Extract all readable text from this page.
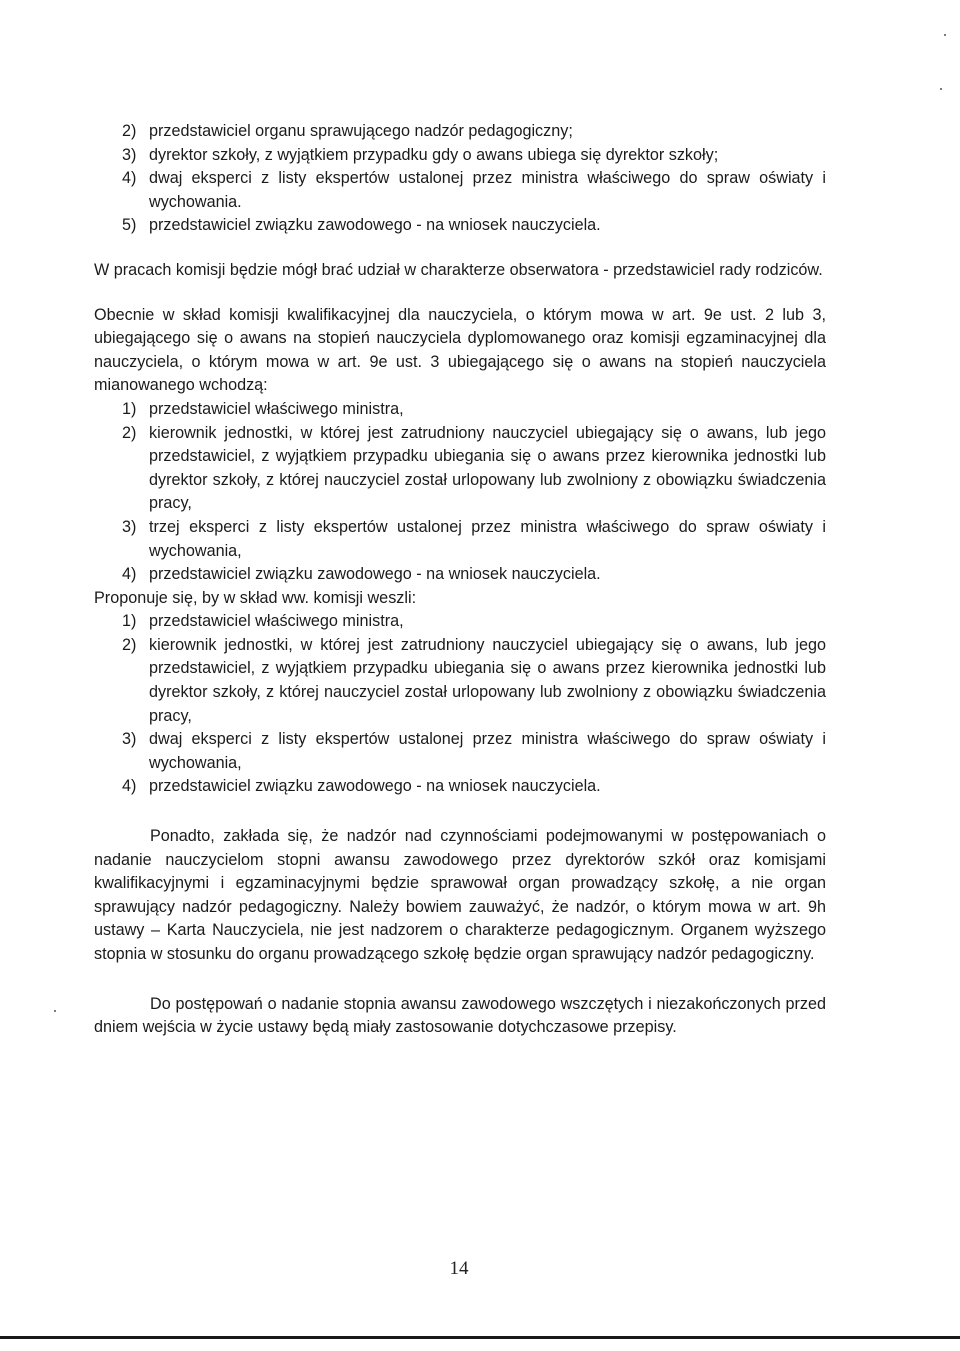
2) przedstawiciel organu sprawującego nadzór pedagogiczny;
3) dyrektor szkoły, z wyjątkiem przypadku gdy o awans ubiega się dyrektor szkoły;
4) dwaj eksperci z listy ekspertów ustalonej przez ministra właściwego do spraw oświaty i wychowania.
5) przedstawiciel związku zawodowego - na wniosek nauczyciela.

W pracach komisji będzie mógł brać udział w charakterze obserwatora - przedstawiciel rady rodziców.

Obecnie w skład komisji kwalifikacyjnej dla nauczyciela, o którym mowa w art. 9e ust. 2 lub 3, ubiegającego się o awans na stopień nauczyciela dyplomowanego oraz komisji egzaminacyjnej dla nauczyciela, o którym mowa w art. 9e ust. 3 ubiegającego się o awans na stopień nauczyciela mianowanego wchodzą:

1) przedstawiciel właściwego ministra,
2) kierownik jednostki, w której jest zatrudniony nauczyciel ubiegający się o awans, lub jego przedstawiciel, z wyjątkiem przypadku ubiegania się o awans przez kierownika jednostki lub dyrektor szkoły, z której nauczyciel został urlopowany lub zwolniony z obowiązku świadczenia pracy,
3) trzej eksperci z listy ekspertów ustalonej przez ministra właściwego do spraw oświaty i wychowania,
4) przedstawiciel związku zawodowego - na wniosek nauczyciela.

Proponuje się, by w skład ww. komisji weszli:

1) przedstawiciel właściwego ministra,
2) kierownik jednostki, w której jest zatrudniony nauczyciel ubiegający się o awans, lub jego przedstawiciel, z wyjątkiem przypadku ubiegania się o awans przez kierownika jednostki lub dyrektor szkoły, z której nauczyciel został urlopowany lub zwolniony z obowiązku świadczenia pracy,
3) dwaj eksperci z listy ekspertów ustalonej przez ministra właściwego do spraw oświaty i wychowania,
4) przedstawiciel związku zawodowego - na wniosek nauczyciela.

Ponadto, zakłada się, że nadzór nad czynnościami podejmowanymi w postępowaniach o nadanie nauczycielom stopni awansu zawodowego przez dyrektorów szkół oraz komisjami kwalifikacyjnymi i egzaminacyjnymi będzie sprawował organ prowadzący szkołę, a nie organ sprawujący nadzór pedagogiczny. Należy bowiem zauważyć, że nadzór, o którym mowa w art. 9h ustawy – Karta Nauczyciela, nie jest nadzorem o charakterze pedagogicznym. Organem wyższego stopnia w stosunku do organu prowadzącego szkołę będzie organ sprawujący nadzór pedagogiczny.

Do postępowań o nadanie stopnia awansu zawodowego wszczętych i niezakończonych przed dniem wejścia w życie ustawy będą miały zastosowanie dotychczasowe przepisy.

14
